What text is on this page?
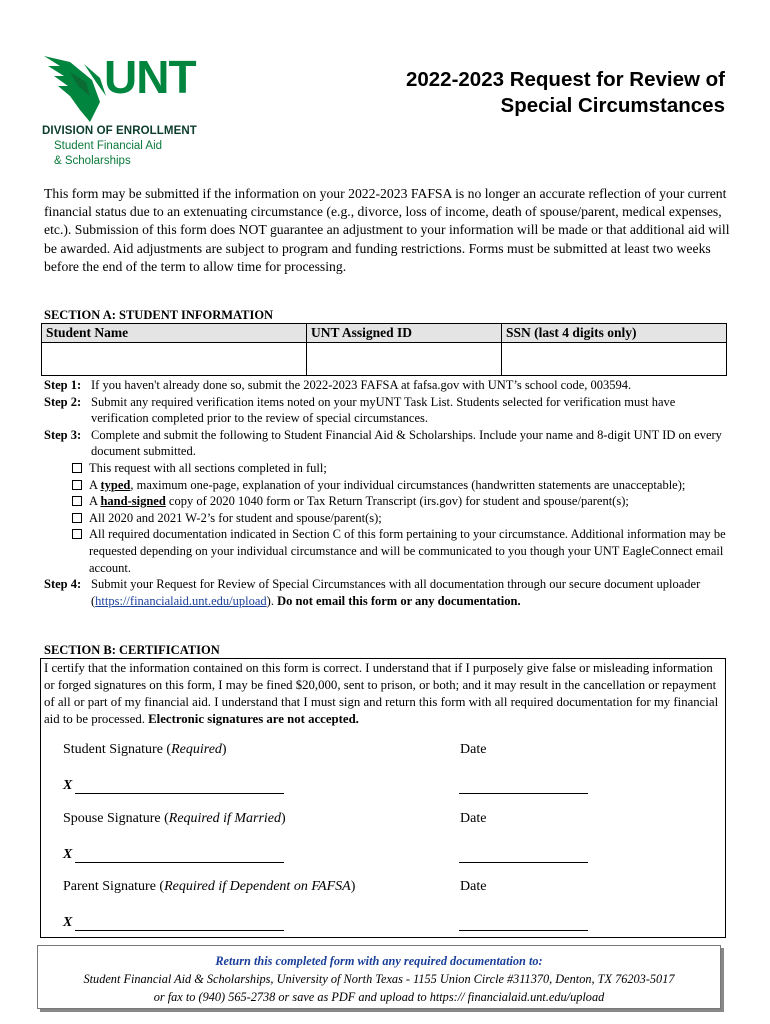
UNT
DIVISION OF ENROLLMENT
Student Financial Aid
& Scholarships
2022-2023 Request for Review of
Special Circumstances
This form may be submitted if the information on your 2022-2023 FAFSA is no longer an accurate reflection of your current financial status due to an extenuating circumstance (e.g., divorce, loss of income, death of spouse/parent, medical expenses, etc.). Submission of this form does NOT guarantee an adjustment to your information will be made or that additional aid will be awarded. Aid adjustments are subject to program and funding restrictions. Forms must be submitted at least two weeks before the end of the term to allow time for processing.
SECTION A: STUDENT INFORMATION
Student Name	UNT Assigned ID	SSN (last 4 digits only)

Step 1: If you haven't already done so, submit the 2022-2023 FAFSA at fafsa.gov with UNT’s school code, 003594.
Step 2: Submit any required verification items noted on your myUNT Task List. Students selected for verification must have verification completed prior to the review of special circumstances.
Step 3: Complete and submit the following to Student Financial Aid & Scholarships. Include your name and 8-digit UNT ID on every document submitted.
This request with all sections completed in full;
A typed, maximum one-page, explanation of your individual circumstances (handwritten statements are unacceptable);
A hand-signed copy of 2020 1040 form or Tax Return Transcript (irs.gov) for student and spouse/parent(s);
All 2020 and 2021 W-2’s for student and spouse/parent(s);
All required documentation indicated in Section C of this form pertaining to your circumstance. Additional information may be requested depending on your individual circumstance and will be communicated to you though your UNT EagleConnect email account.
Step 4: Submit your Request for Review of Special Circumstances with all documentation through our secure document uploader (https://financialaid.unt.edu/upload). Do not email this form or any documentation.
SECTION B: CERTIFICATION
I certify that the information contained on this form is correct. I understand that if I purposely give false or misleading information or forged signatures on this form, I may be fined $20,000, sent to prison, or both; and it may result in the cancellation or repayment of all or part of my financial aid. I understand that I must sign and return this form with all required documentation for my financial aid to be processed. Electronic signatures are not accepted.
Student Signature (Required)	Date
X
Spouse Signature (Required if Married)	Date
X
Parent Signature (Required if Dependent on FAFSA)	Date
X
Return this completed form with any required documentation to:
Student Financial Aid & Scholarships, University of North Texas - 1155 Union Circle #311370, Denton, TX 76203-5017
or fax to (940) 565-2738 or save as PDF and upload to https:// financialaid.unt.edu/upload
